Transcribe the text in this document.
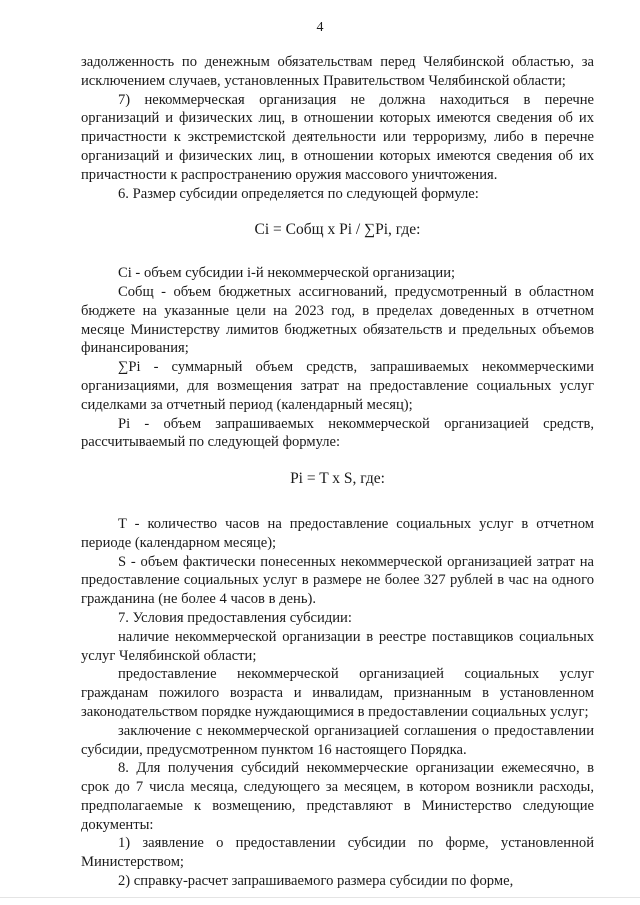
4

задолженность по денежным обязательствам перед Челябинской областью, за исключением случаев, установленных Правительством Челябинской области;

7) некоммерческая организация не должна находиться в перечне организаций и физических лиц, в отношении которых имеются сведения об их причастности к экстремистской деятельности или терроризму, либо в перечне организаций и физических лиц, в отношении которых имеются сведения об их причастности к распространению оружия массового уничтожения.

6. Размер субсидии определяется по следующей формуле:

Ci = Собщ x Pi / ∑Pi, где:

Ci - объем субсидии i-й некоммерческой организации;

Собщ - объем бюджетных ассигнований, предусмотренный в областном бюджете на указанные цели на 2023 год, в пределах доведенных в отчетном месяце Министерству лимитов бюджетных обязательств и предельных объемов финансирования;

∑Pi - суммарный объем средств, запрашиваемых некоммерческими организациями, для возмещения затрат на предоставление социальных услуг сиделками за отчетный период (календарный месяц);

Pi - объем запрашиваемых некоммерческой организацией средств, рассчитываемый по следующей формуле:

Pi = T x S, где:

T - количество часов на предоставление социальных услуг в отчетном периоде (календарном месяце);

S - объем фактически понесенных некоммерческой организацией затрат на предоставление социальных услуг в размере не более 327 рублей в час на одного гражданина (не более 4 часов в день).

7. Условия предоставления субсидии:

наличие некоммерческой организации в реестре поставщиков социальных услуг Челябинской области;

предоставление некоммерческой организацией социальных услуг гражданам пожилого возраста и инвалидам, признанным в установленном законодательством порядке нуждающимися в предоставлении социальных услуг;

заключение с некоммерческой организацией соглашения о предоставлении субсидии, предусмотренном пунктом 16 настоящего Порядка.

8. Для получения субсидий некоммерческие организации ежемесячно, в срок до 7 числа месяца, следующего за месяцем, в котором возникли расходы, предполагаемые к возмещению, представляют в Министерство следующие документы:

1) заявление о предоставлении субсидии по форме, установленной Министерством;

2) справку-расчет запрашиваемого размера субсидии по форме,
